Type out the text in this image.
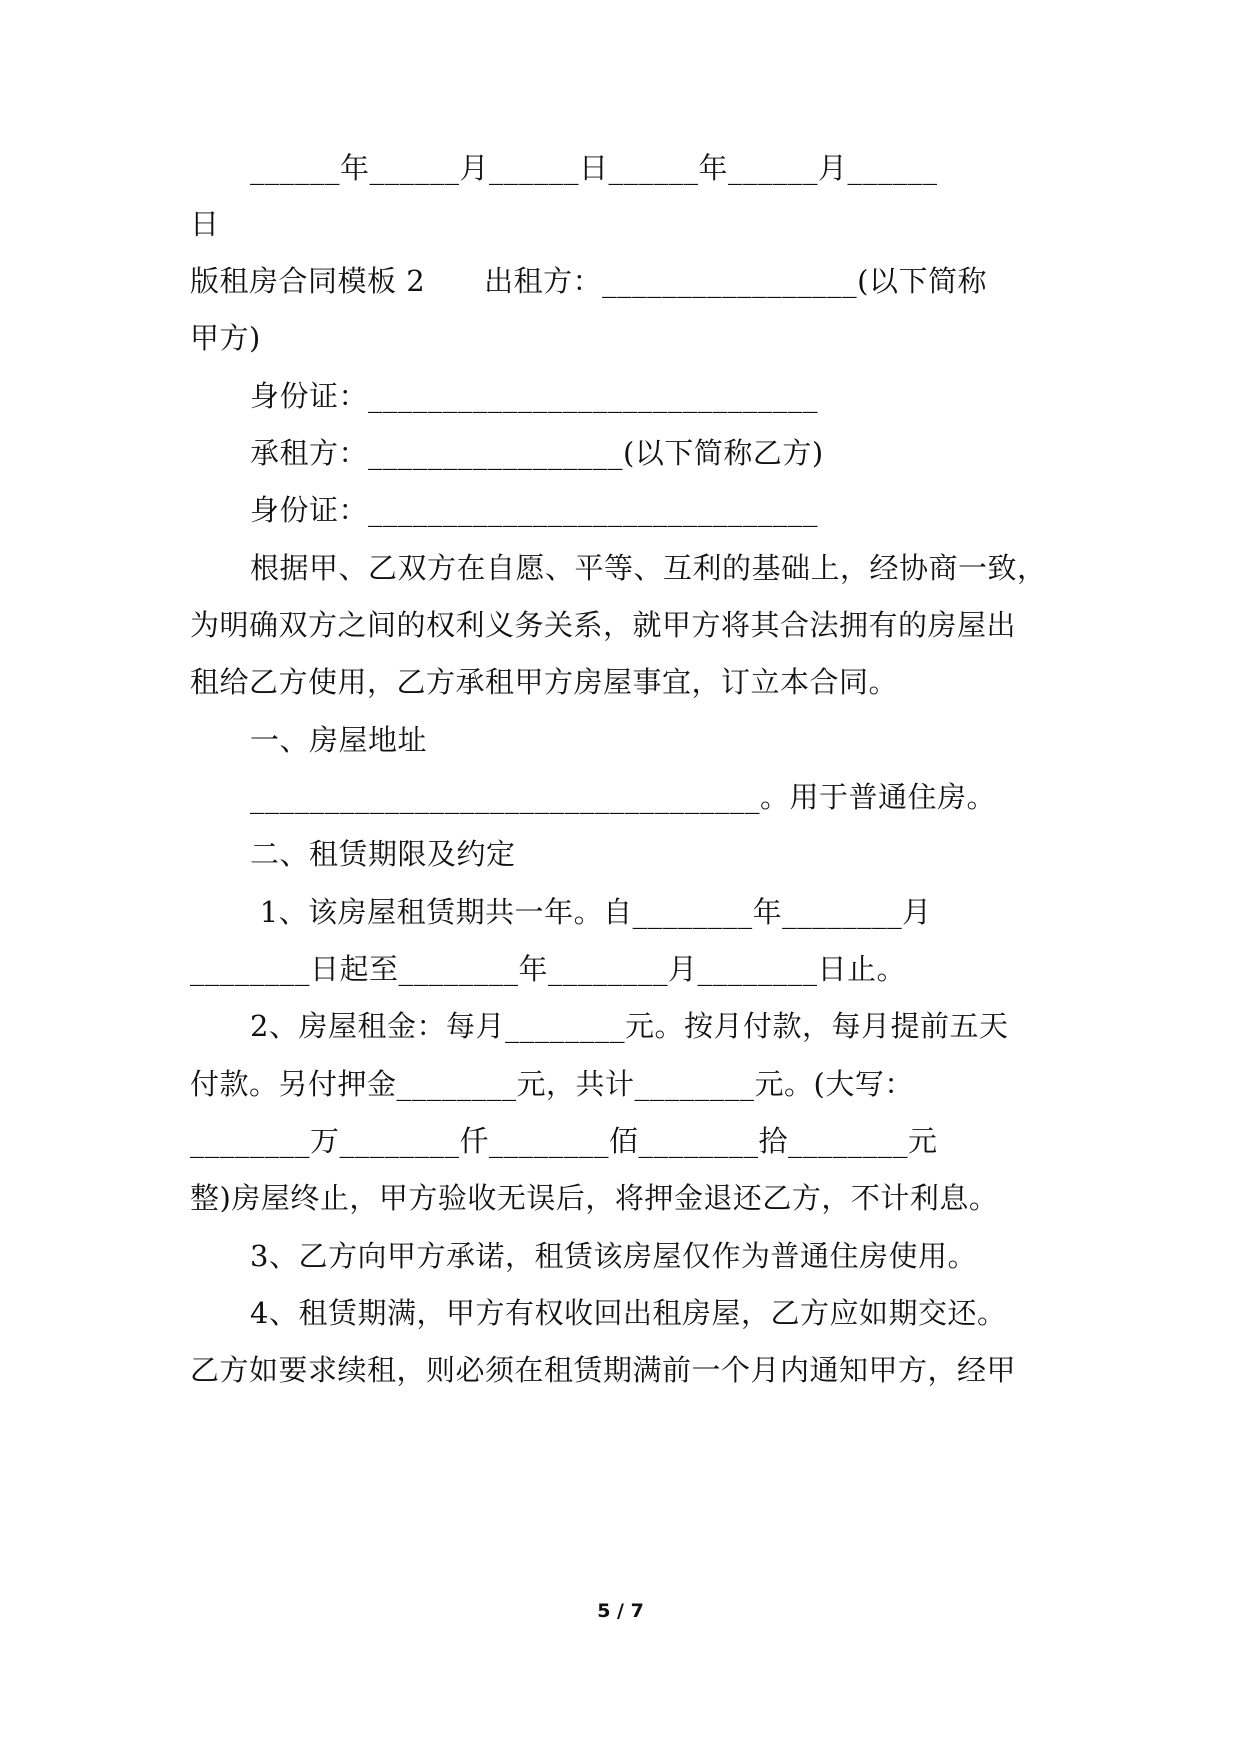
______年______月______日______年______月______
日
版租房合同模板 2　　出租方：_________________(以下简称
甲方)
身份证：______________________________
承租方：_________________(以下简称乙方)
身份证：______________________________
根据甲、乙双方在自愿、平等、互利的基础上，经协商一致，
为明确双方之间的权利义务关系，就甲方将其合法拥有的房屋出
租给乙方使用，乙方承租甲方房屋事宜，订立本合同。
一、房屋地址
__________________________________。用于普通住房。
二、租赁期限及约定
1、该房屋租赁期共一年。自________年________月
________日起至________年________月________日止。
2、房屋租金：每月________元。按月付款，每月提前五天
付款。另付押金________元，共计________元。(大写：
________万________仟________佰________拾________元
整)房屋终止，甲方验收无误后，将押金退还乙方，不计利息。
3、乙方向甲方承诺，租赁该房屋仅作为普通住房使用。
4、租赁期满，甲方有权收回出租房屋，乙方应如期交还。
乙方如要求续租，则必须在租赁期满前一个月内通知甲方，经甲
5 / 7
